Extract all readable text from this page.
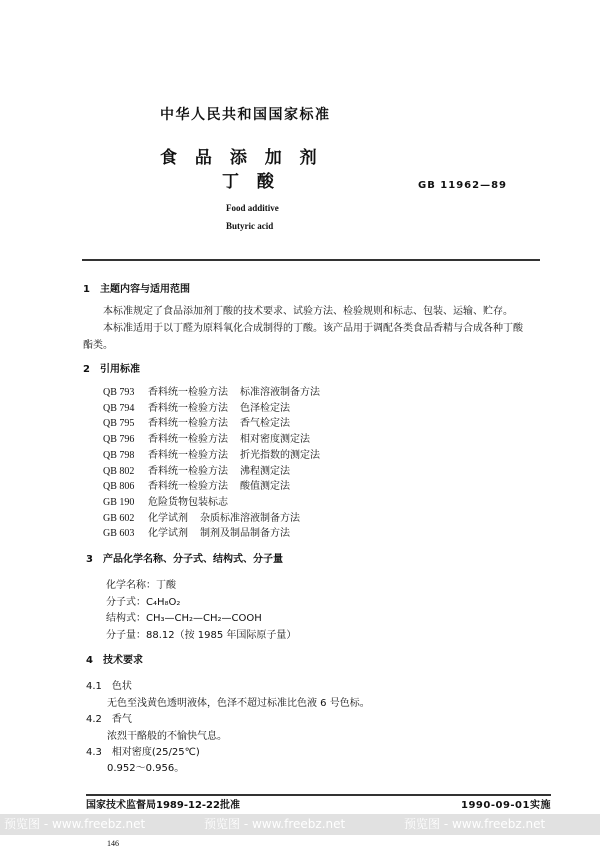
中华人民共和国国家标准
食 品 添 加 剂
丁 酸	GB 11962—89
Food additive
Butyric acid
1　主题内容与适用范围
本标准规定了食品添加剂丁酸的技术要求、试验方法、检验规则和标志、包装、运输、贮存。
本标准适用于以丁醛为原料氧化合成制得的丁酸。该产品用于调配各类食品香精与合成各种丁酸
酯类。
2　引用标准
QB 793 香料统一检验方法 标准溶液制备方法
QB 794 香料统一检验方法 色泽检定法
QB 795 香料统一检验方法 香气检定法
QB 796 香料统一检验方法 相对密度测定法
QB 798 香料统一检验方法 折光指数的测定法
QB 802 香料统一检验方法 沸程测定法
QB 806 香料统一检验方法 酸值测定法
GB 190 危险货物包装标志
GB 602 化学试剂 杂质标准溶液制备方法
GB 603 化学试剂 制剂及制品制备方法
3　产品化学名称、分子式、结构式、分子量
化学名称：丁酸
分子式：C₄H₈O₂
结构式：CH₃—CH₂—CH₂—COOH
分子量：88.12（按 1985 年国际原子量）
4　技术要求
4.1　色状
无色至浅黄色透明液体，色泽不超过标准比色液 6 号色标。
4.2　香气
浓烈干酪般的不愉快气息。
4.3　相对密度(25/25℃)
0.952～0.956。
国家技术监督局1989-12-22批准	1990-09-01实施
146
预览图 - www.freebz.net	预览图 - www.freebz.net	预览图 - www.freebz.net
